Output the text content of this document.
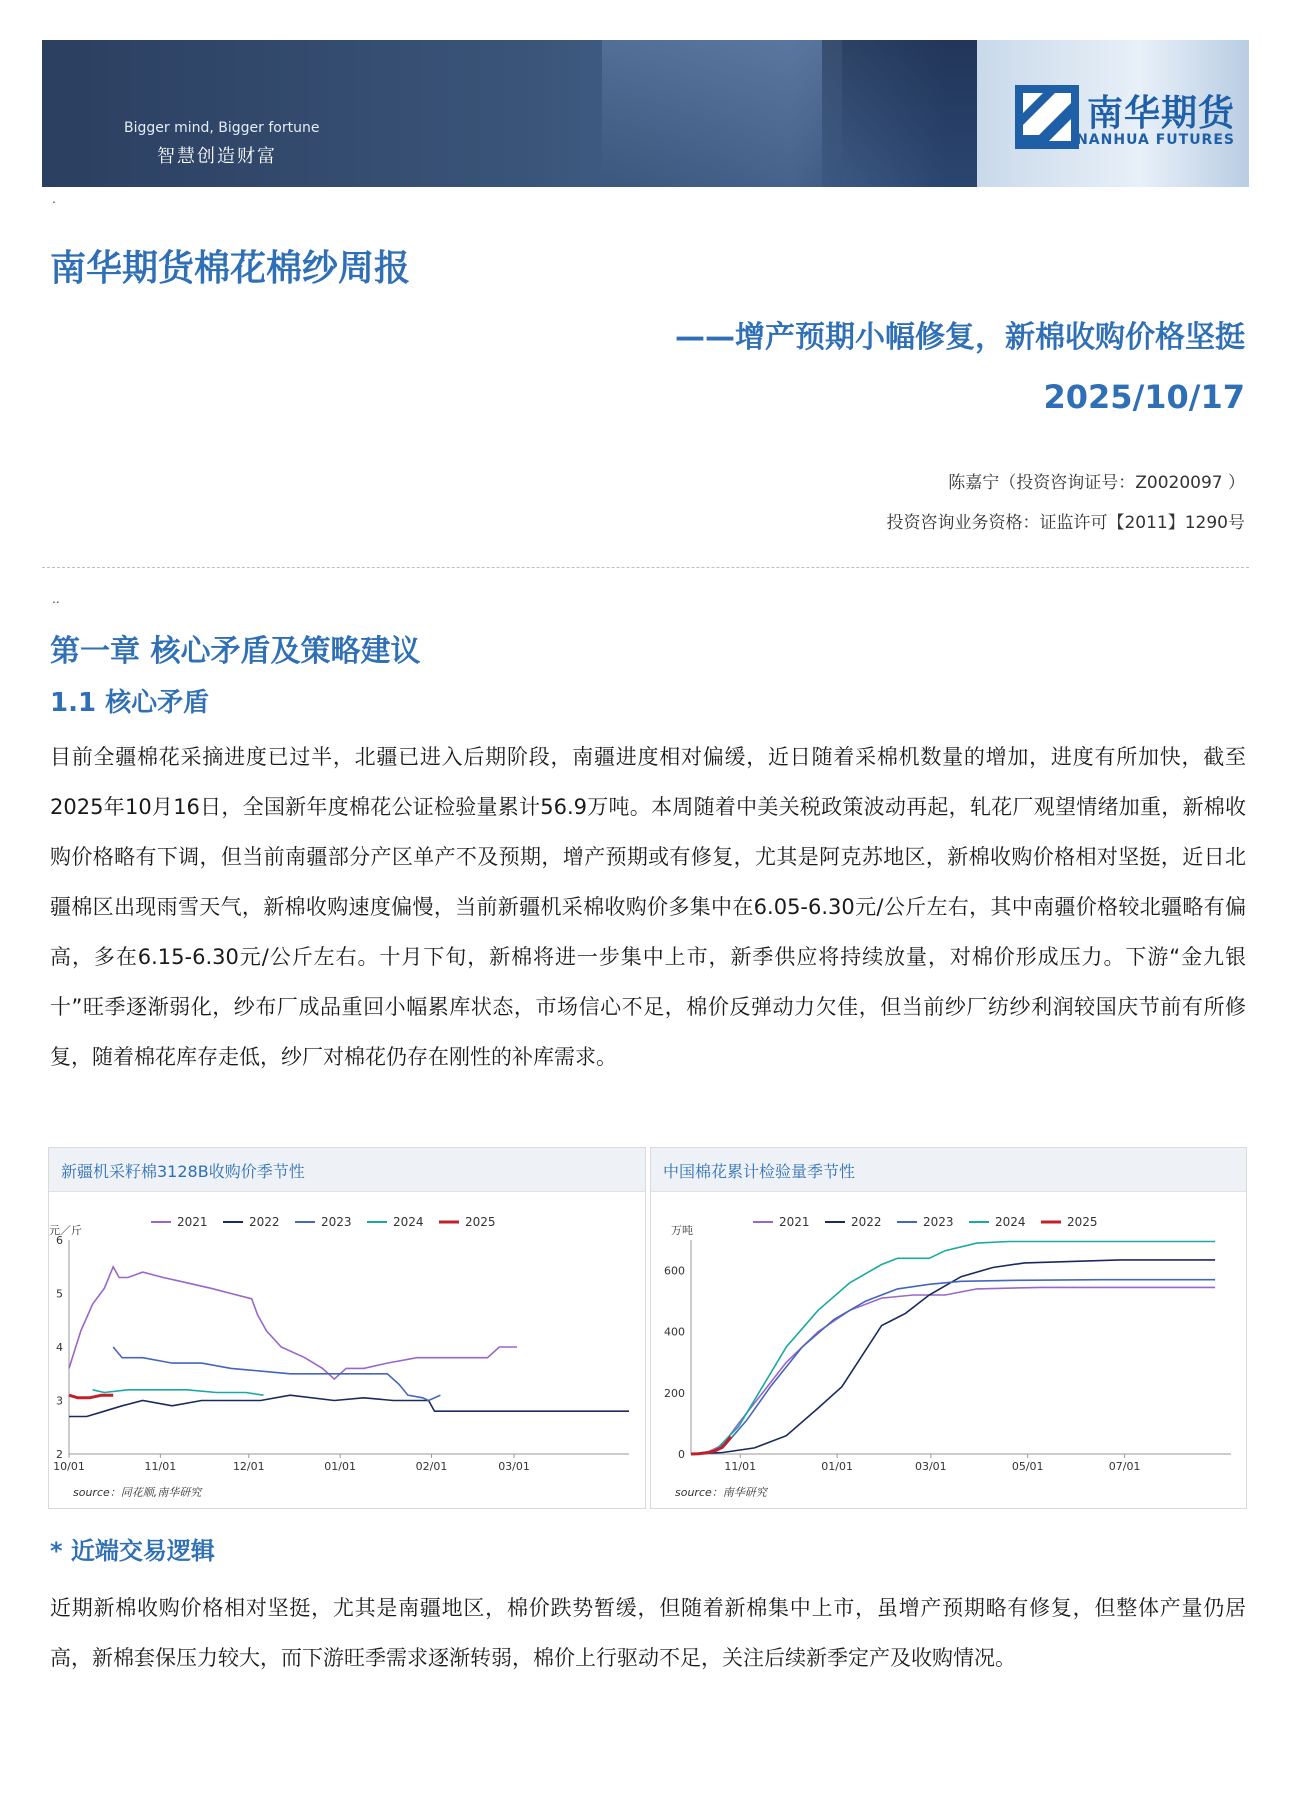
Bigger mind, Bigger fortune
智慧创造财富
南华期货
NANHUA FUTURES
.
南华期货棉花棉纱周报
——增产预期小幅修复，新棉收购价格坚挺
2025/10/17
陈嘉宁（投资咨询证号：Z0020097 ）
投资咨询业务资格：证监许可【2011】1290号
..
第一章 核心矛盾及策略建议
1.1 核心矛盾
目前全疆棉花采摘进度已过半，北疆已进入后期阶段，南疆进度相对偏缓，近日随着采棉机数量的增加，进度有所加快，截至2025年10月16日，全国新年度棉花公证检验量累计56.9万吨。本周随着中美关税政策波动再起，轧花厂观望情绪加重，新棉收购价格略有下调，但当前南疆部分产区单产不及预期，增产预期或有修复，尤其是阿克苏地区，新棉收购价格相对坚挺，近日北疆棉区出现雨雪天气，新棉收购速度偏慢，当前新疆机采棉收购价多集中在6.05-6.30元/公斤左右，其中南疆价格较北疆略有偏高，多在6.15-6.30元/公斤左右。十月下旬，新棉将进一步集中上市，新季供应将持续放量，对棉价形成压力。下游“金九银十”旺季逐渐弱化，纱布厂成品重回小幅累库状态，市场信心不足，棉价反弹动力欠佳，但当前纱厂纺纱利润较国庆节前有所修复，随着棉花库存走低，纱厂对棉花仍存在刚性的补库需求。
新疆机采籽棉3128B收购价季节性
元／斤
2
3
4
5
6
10/01	11/01	12/01	01/01	02/01	03/01
2021	2022	2023	2024	2025
source：同花顺,南华研究
中国棉花累计检验量季节性
万吨
0
200
400
600
11/01	01/01	03/01	05/01	07/01
2021	2022	2023	2024	2025
source：南华研究
* 近端交易逻辑
近期新棉收购价格相对坚挺，尤其是南疆地区，棉价跌势暂缓，但随着新棉集中上市，虽增产预期略有修复，但整体产量仍居高，新棉套保压力较大，而下游旺季需求逐渐转弱，棉价上行驱动不足，关注后续新季定产及收购情况。
